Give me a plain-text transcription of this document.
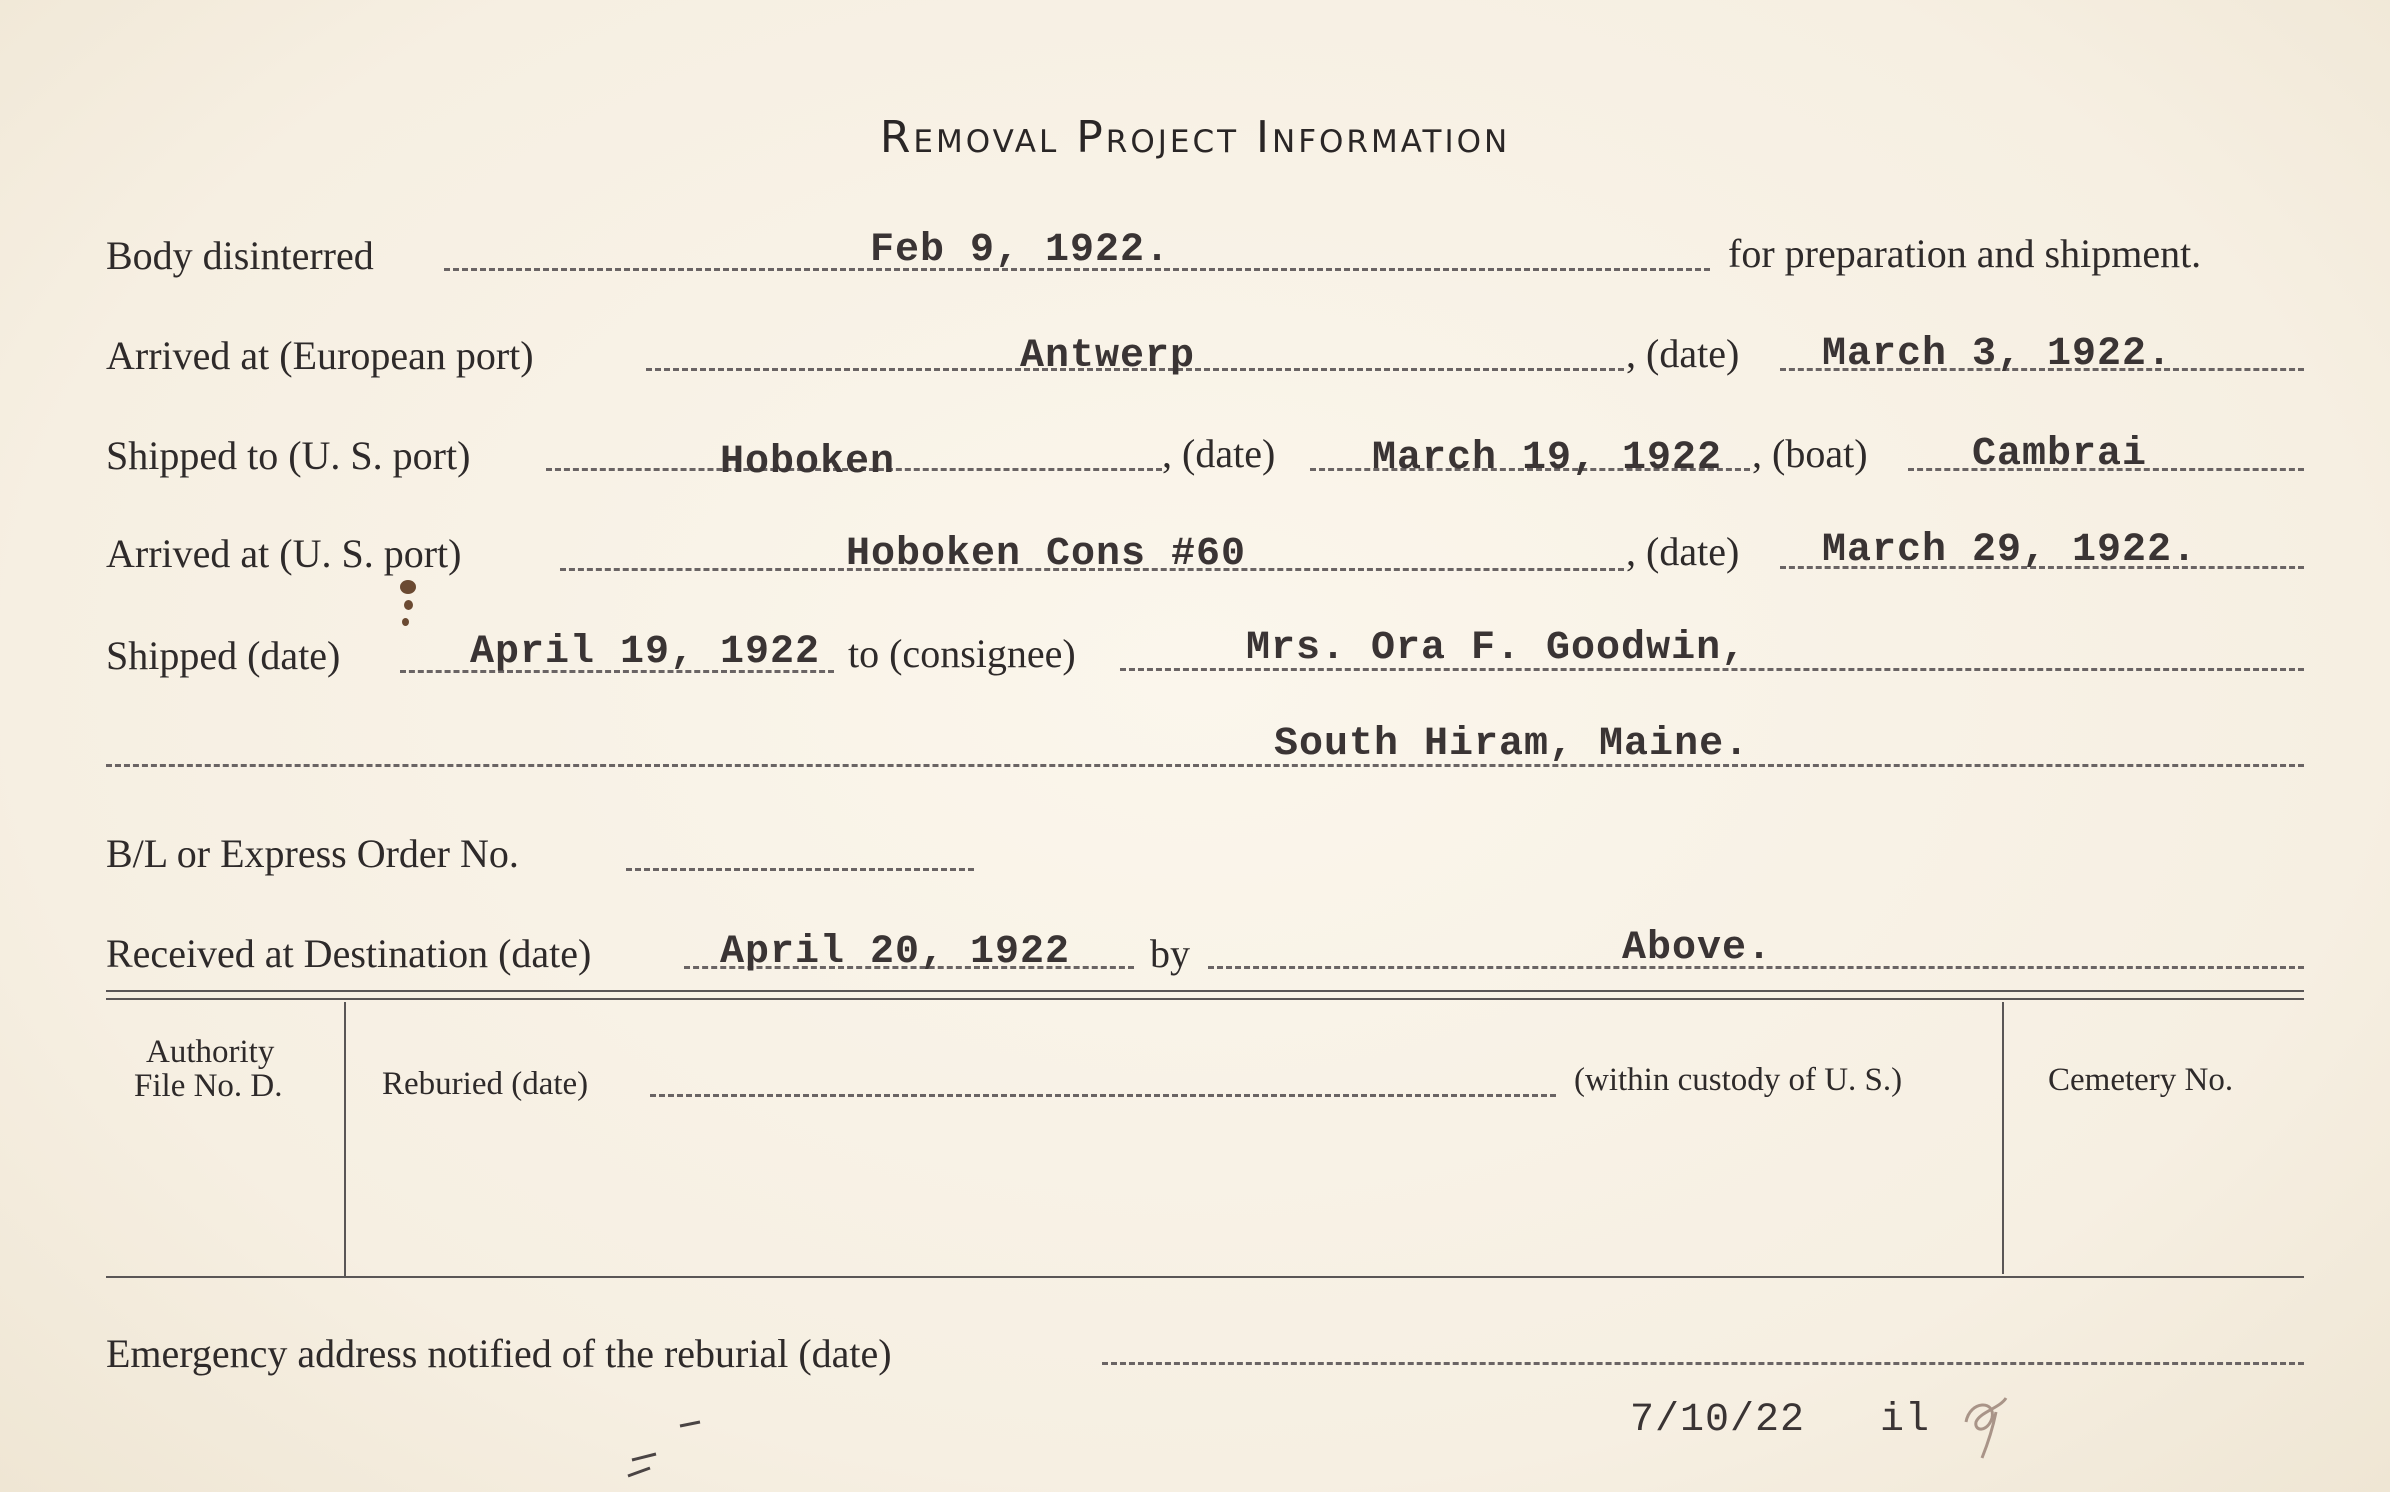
Removal Project Information
Body disinterred	Feb 9, 1922.	for preparation and shipment.
Arrived at (European port)	Antwerp	, (date) March 3, 1922.
Shipped to (U. S. port)	Hoboken	, (date) March 19, 1922 , (boat)	Cambrai
Arrived at (U. S. port)	Hoboken Cons #60	, (date) March 29, 1922.
Shipped (date)	April 19, 1922 to (consignee)	Mrs. Ora F. Goodwin,
South Hiram, Maine.
B/L or Express Order No.
Received at Destination (date)	April 20, 1922 by	Above.
Authority
File No. D.	Reburied (date)	(within custody of U. S.)	Cemetery No.
Emergency address notified of the reburial (date)
7/10/22 il
